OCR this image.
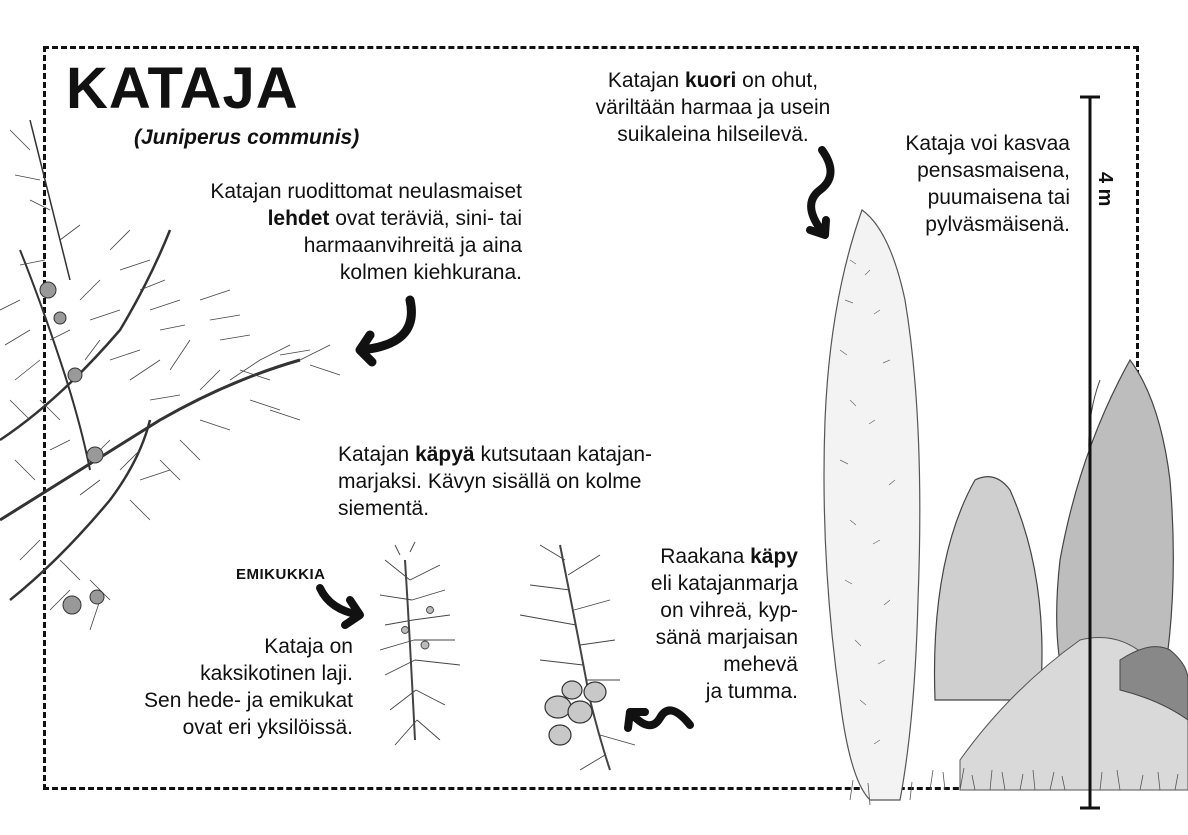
KATAJA
(Juniperus communis)
Katajan ruodittomat neulasmaiset
lehdet ovat teräviä, sini- tai
harmaanvihreitä ja aina
kolmen kiehkurana.
Katajan kuori on ohut,
väriltään harmaa ja usein
suikaleina hilseilevä.	Kataja voi kasvaa
pensasmaisena,
puumaisena tai
pylväsmäisenä.
4 m
Katajan käpyä kutsutaan katajan-
marjaksi. Kävyn sisällä on kolme
siementä.
EMIKUKKIA
Kataja on
kaksikotinen laji.
Sen hede- ja emikukat
ovat eri yksilöissä.
Raakana käpy
eli katajanmarja
on vihreä, kyp-
sänä marjaisan
mehevä
ja tumma.
